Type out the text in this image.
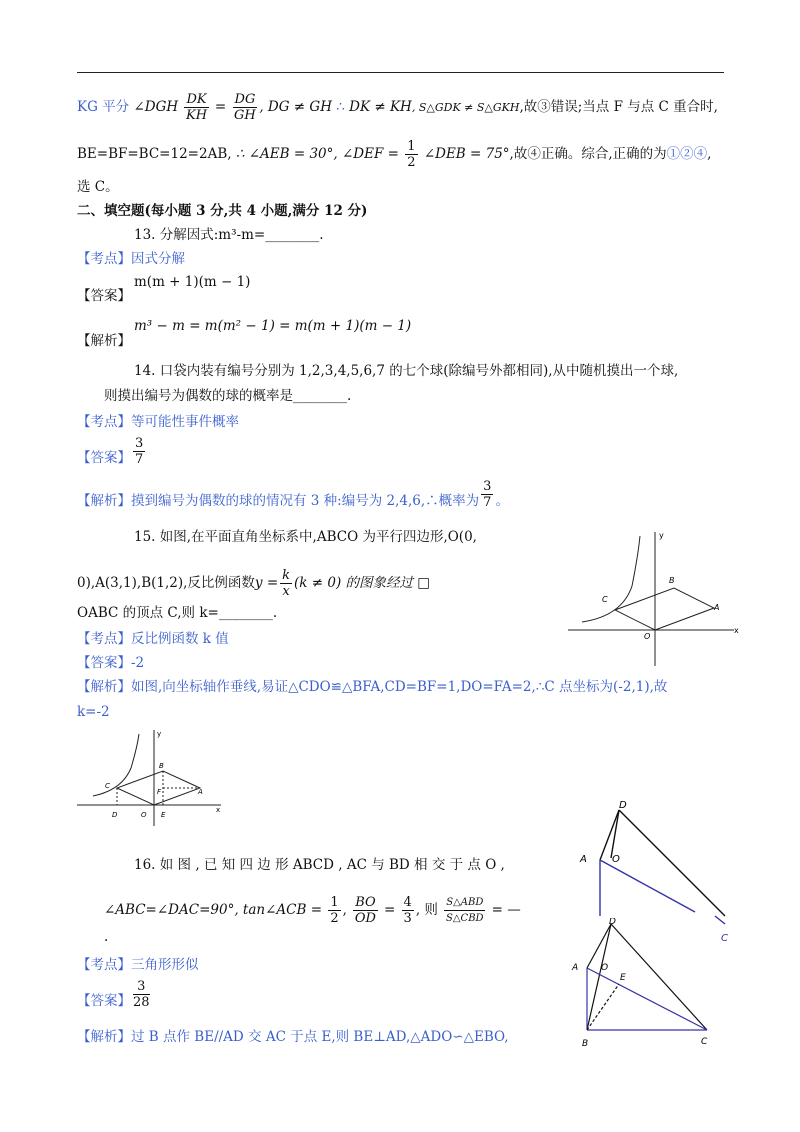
KG 平分 ∠DGH $\frac{DK}{KH} = \frac{DG}{GH}$ , DG ≠ GH ∴ DK ≠ KH, S△GDK ≠ S△GKH,故③错误;当点 F 与点 C 重合时,
BE=BF=BC=12=2AB, ∴ ∠AEB = 30°, ∠DEF = $\frac{1}{2}$ ∠DEB = 75°,故④正确。综合,正确的为①②④,
选 C。
二、填空题(每小题 3 分,共 4 小题,满分 12 分)
13. 分解因式:m³-m=________.
【考点】因式分解
m(m + 1)(m − 1)
【答案】
m³ − m = m(m² − 1) = m(m + 1)(m − 1)
【解析】
14. 口袋内装有编号分别为 1,2,3,4,5,6,7 的七个球(除编号外都相同),从中随机摸出一个球,
则摸出编号为偶数的球的概率是________.
【考点】等可能性事件概率
【答案】 $\frac{3}{7}$
【解析】摸到编号为偶数的球的情况有 3 种:编号为 2,4,6,∴概率为 $\frac{3}{7}$ 。
15. 如图,在平面直角坐标系中,ABCO 为平行四边形,O(0,
0),A(3,1),B(1,2),反比例函数$y = \frac{k}{x} (k \ne 0)$ 的图象经过 □
OABC 的顶点 C,则 k=________.
【考点】反比例函数 k 值
【答案】-2
【解析】如图,向坐标轴作垂线,易证△CDO≌△BFA,CD=BF=1,DO=FA=2,∴C 点坐标为(-2,1),故
k=-2
y
x
B
C
A
O
y
x
B
C
A
O
D	E
F
16. 如 图 , 已 知 四 边 形 ABCD , AC 与 BD 相 交 于 点 O ,
∠ABC=∠DAC=90°, tan∠ACB = $\frac{1}{2}$ , $\frac{BO}{OD} = \frac{4}{3}$ , 则 $\frac{\text{S△ABD}}{\text{S△CBD}}$ = —
.
【考点】三角形形似
【答案】 $\frac{3}{28}$
【解析】过 B 点作 BE//AD 交 AC 于点 E,则 BE⊥AD,△ADO∽△EBO,
D
A	O
C
D
A	O
E
B	C
